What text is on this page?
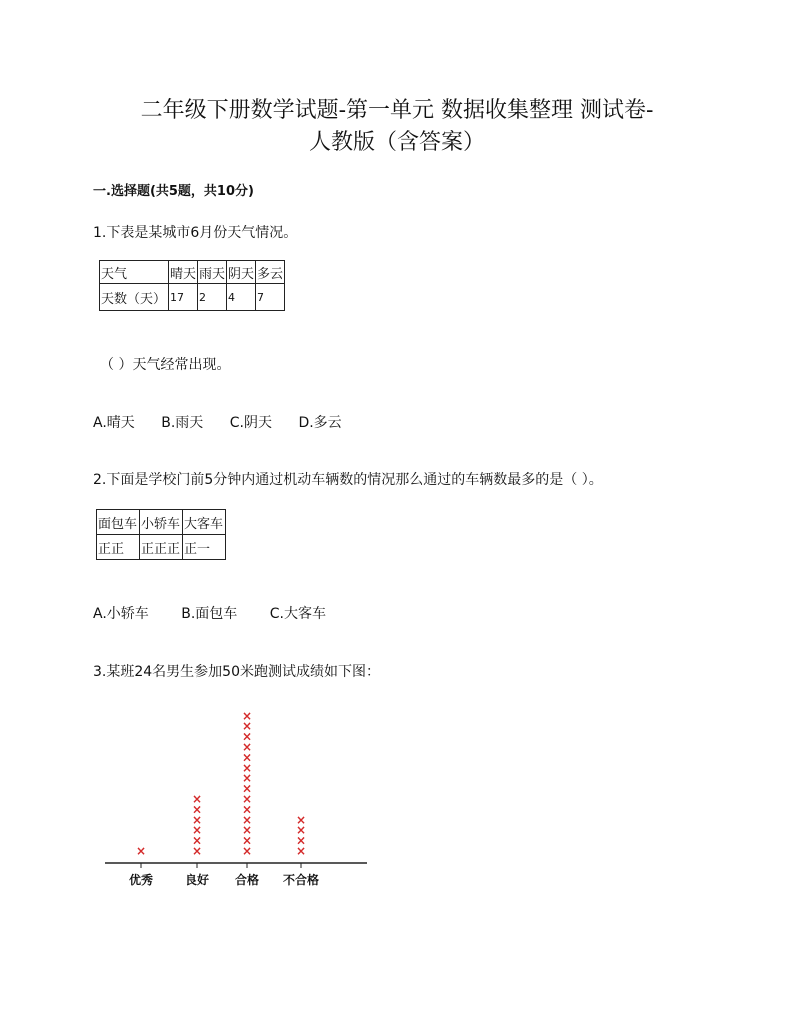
二年级下册数学试题-第一单元 数据收集整理 测试卷-
人教版（含答案）
一.选择题(共5题，共10分)
1.下表是某城市6月份天气情况。
天气	晴天	雨天	阴天	多云
天数（天）	17	2	4	7
（ ）天气经常出现。
A.晴天 B.雨天 C.阴天 D.多云
2.下面是学校门前5分钟内通过机动车辆数的情况那么通过的车辆数最多的是（ ）。
面包车	小轿车	大客车
正正	正正正	正一
A.小轿车 B.面包车 C.大客车
3.某班24名男生参加50米跑测试成绩如下图：
×	×
×
×
×
×
×
×
×
×
×
×
×
×
×
×
×
×
×
×
×
×
×
×
×
优秀	良好 合格 不合格
